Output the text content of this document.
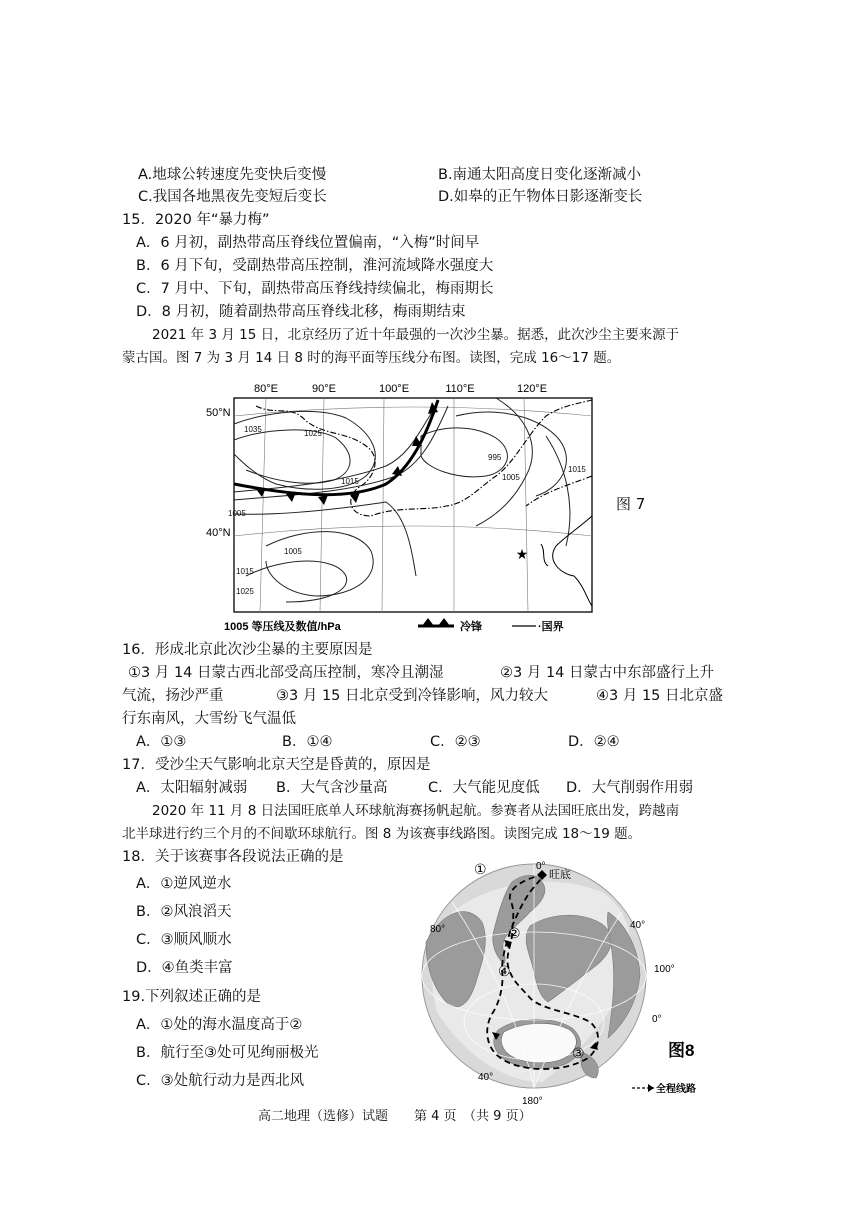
A.地球公转速度先变快后变慢	B.南通太阳高度日变化逐渐减小
C.我国各地黑夜先变短后变长	D.如皋的正午物体日影逐渐变长
15．2020 年“暴力梅”
A．6 月初，副热带高压脊线位置偏南，“入梅”时间早
B．6 月下旬，受副热带高压控制，淮河流域降水强度大
C．7 月中、下旬，副热带高压脊线持续偏北，梅雨期长
D．8 月初，随着副热带高压脊线北移，梅雨期结束
2021 年 3 月 15 日，北京经历了近十年最强的一次沙尘暴。据悉，此次沙尘主要来源于
蒙古国。图 7 为 3 月 14 日 8 时的海平面等压线分布图。读图，完成 16～17 题。
★
80°E	90°E	100°E	110°E	120°E
50°N
40°N
1035	1025
1015
1005
995
1005
1015
1005
1015
1025
1005 等压线及数值/hPa	冷锋	·国界
图 7
16．形成北京此次沙尘暴的主要原因是
①3 月 14 日蒙古西北部受高压控制，寒冷且潮湿	②3 月 14 日蒙古中东部盛行上升
气流，扬沙严重	③3 月 15 日北京受到冷锋影响，风力较大	④3 月 15 日北京盛
行东南风，大雪纷飞气温低
A．①③	B．①④	C．②③	D．②④
17．受沙尘天气影响北京天空是昏黄的，原因是
A．太阳辐射减弱 B．大气含沙量高	C．大气能见度低 D．大气削弱作用弱
2020 年 11 月 8 日法国旺底单人环球航海赛扬帆起航。参赛者从法国旺底出发，跨越南
北半球进行约三个月的不间歇环球航行。图 8 为该赛事线路图。读图完成 18～19 题。
18．关于该赛事各段说法正确的是
A．①逆风逆水
B．②风浪滔天
C．③顺风顺水
D．④鱼类丰富
19.下列叙述正确的是
A．①处的海水温度高于②
B．航行至③处可见绚丽极光
C．③处航行动力是西北风
0°
旺底
40°
80°
100°
0°
40°
180°
①
②
③
④
图8
全程线路
高二地理（选修）试题　　第 4 页　（共 9 页）
